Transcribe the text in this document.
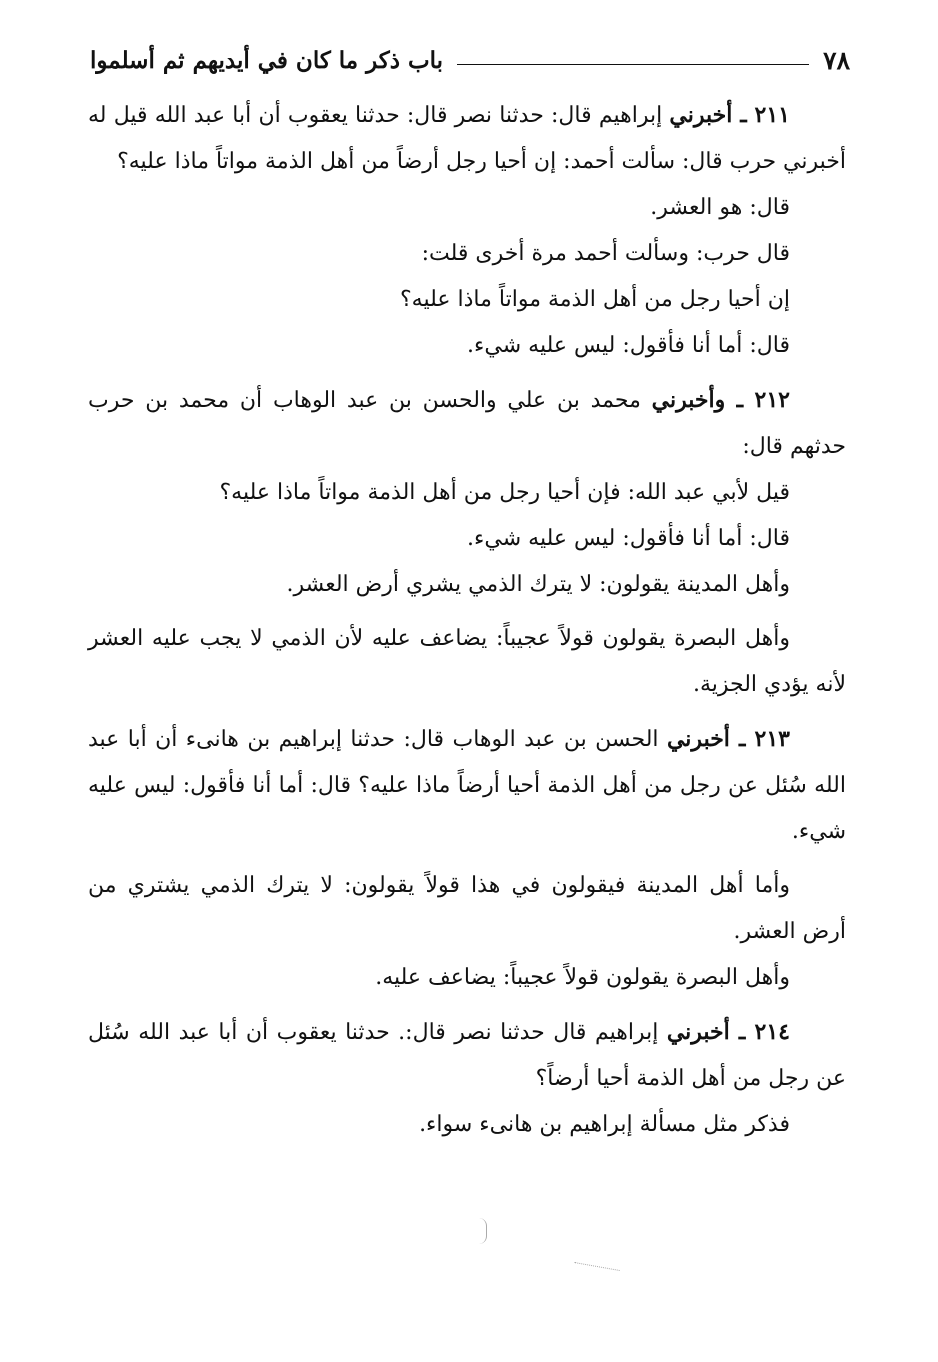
٧٨
باب ذكر ما كان في أيديهم ثم أسلموا

٢١١ ـ أخبرني إبراهيم قال: حدثنا نصر قال: حدثنا يعقوب أن أبا عبد الله قيل له أخبرني حرب قال: سألت أحمد: إن أحيا رجل أرضاً من أهل الذمة مواتاً ماذا عليه؟

قال: هو العشر.

قال حرب: وسألت أحمد مرة أخرى قلت:

إن أحيا رجل من أهل الذمة مواتاً ماذا عليه؟

قال: أما أنا فأقول: ليس عليه شيء.

٢١٢ ـ وأخبرني محمد بن علي والحسن بن عبد الوهاب أن محمد بن حرب حدثهم قال:

قيل لأبي عبد الله: فإن أحيا رجل من أهل الذمة مواتاً ماذا عليه؟

قال: أما أنا فأقول: ليس عليه شيء.

وأهل المدينة يقولون: لا يترك الذمي يشري أرض العشر.

وأهل البصرة يقولون قولاً عجيباً: يضاعف عليه لأن الذمي لا يجب عليه العشر لأنه يؤدي الجزية.

٢١٣ ـ أخبرني الحسن بن عبد الوهاب قال: حدثنا إبراهيم بن هانىء أن أبا عبد الله سُئل عن رجل من أهل الذمة أحيا أرضاً ماذا عليه؟ قال: أما أنا فأقول: ليس عليه شيء.

وأما أهل المدينة فيقولون في هذا قولاً يقولون: لا يترك الذمي يشتري من أرض العشر.

وأهل البصرة يقولون قولاً عجيباً: يضاعف عليه.

٢١٤ ـ أخبرني إبراهيم قال حدثنا نصر قال:. حدثنا يعقوب أن أبا عبد الله سُئل عن رجل من أهل الذمة أحيا أرضاً؟

فذكر مثل مسألة إبراهيم بن هانىء سواء.
